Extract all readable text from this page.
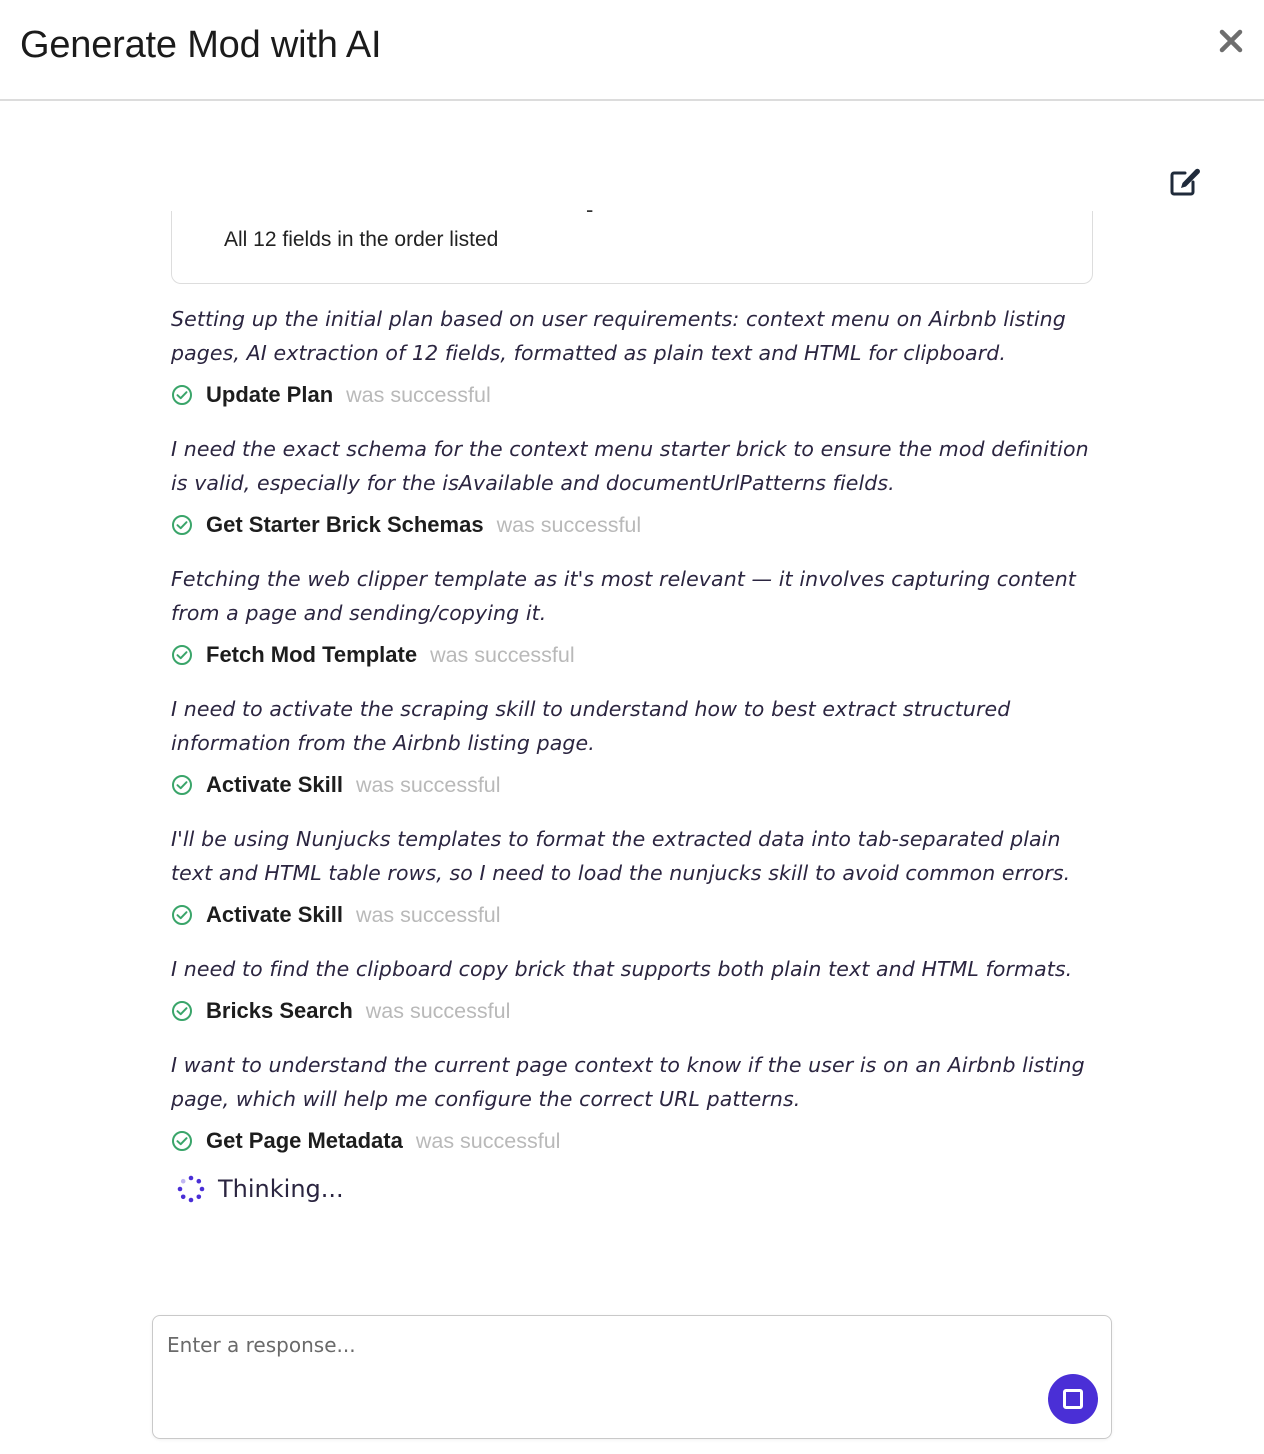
Generate Mod with AI
-
All 12 fields in the order listed

Setting up the initial plan based on user requirements: context menu on Airbnb listing pages, AI extraction of 12 fields, formatted as plain text and HTML for clipboard.

Update Plan was successful

I need the exact schema for the context menu starter brick to ensure the mod definition is valid, especially for the isAvailable and documentUrlPatterns fields.

Get Starter Brick Schemas was successful

Fetching the web clipper template as it's most relevant — it involves capturing content from a page and sending/copying it.

Fetch Mod Template was successful

I need to activate the scraping skill to understand how to best extract structured information from the Airbnb listing page.

Activate Skill was successful

I'll be using Nunjucks templates to format the extracted data into tab-separated plain text and HTML table rows, so I need to load the nunjucks skill to avoid common errors.

Activate Skill was successful

I need to find the clipboard copy brick that supports both plain text and HTML formats.

Bricks Search was successful

I want to understand the current page context to know if the user is on an Airbnb listing page, which will help me configure the correct URL patterns.

Get Page Metadata was successful
Thinking...
Enter a response...
